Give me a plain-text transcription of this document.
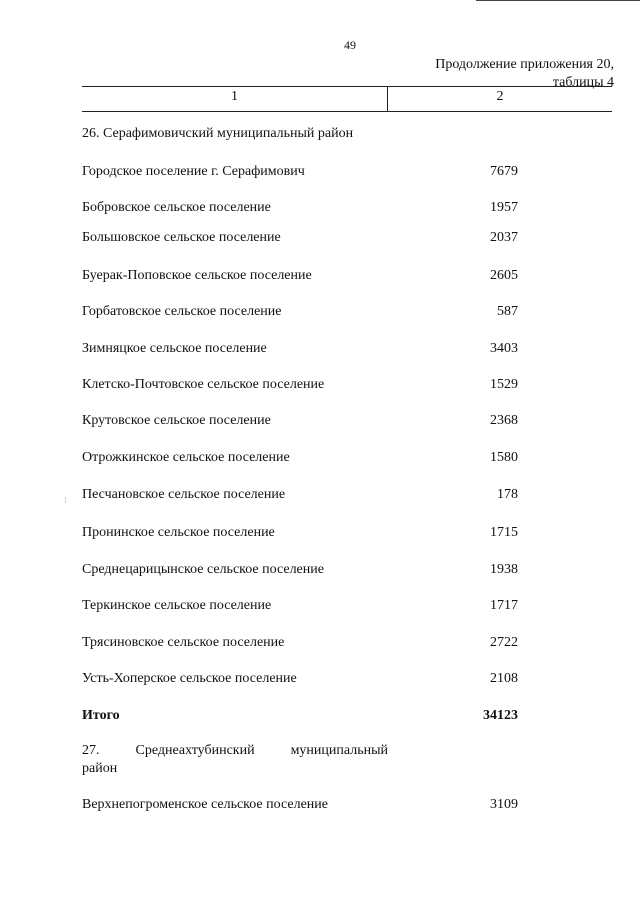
49
Продолжение приложения 20,
таблицы 4
1	2
26. Серафимовичский муниципальный район
Городское поселение г. Серафимович	7679
Бобровское сельское поселение	1957
Большовское сельское поселение	2037
Буерак-Поповское сельское поселение	2605
Горбатовское сельское поселение	587
Зимняцкое сельское поселение	3403
Клетско-Почтовское сельское поселение	1529
Крутовское сельское поселение	2368
Отрожкинское сельское поселение	1580
Песчановское сельское поселение	178
Пронинское сельское поселение	1715
Среднецарицынское сельское поселение	1938
Теркинское сельское поселение	1717
Трясиновское сельское поселение	2722
Усть-Хоперское сельское поселение	2108
Итого	34123
27.	Среднеахтубинский	муниципальный
район
Верхнепогроменское сельское поселение	3109
